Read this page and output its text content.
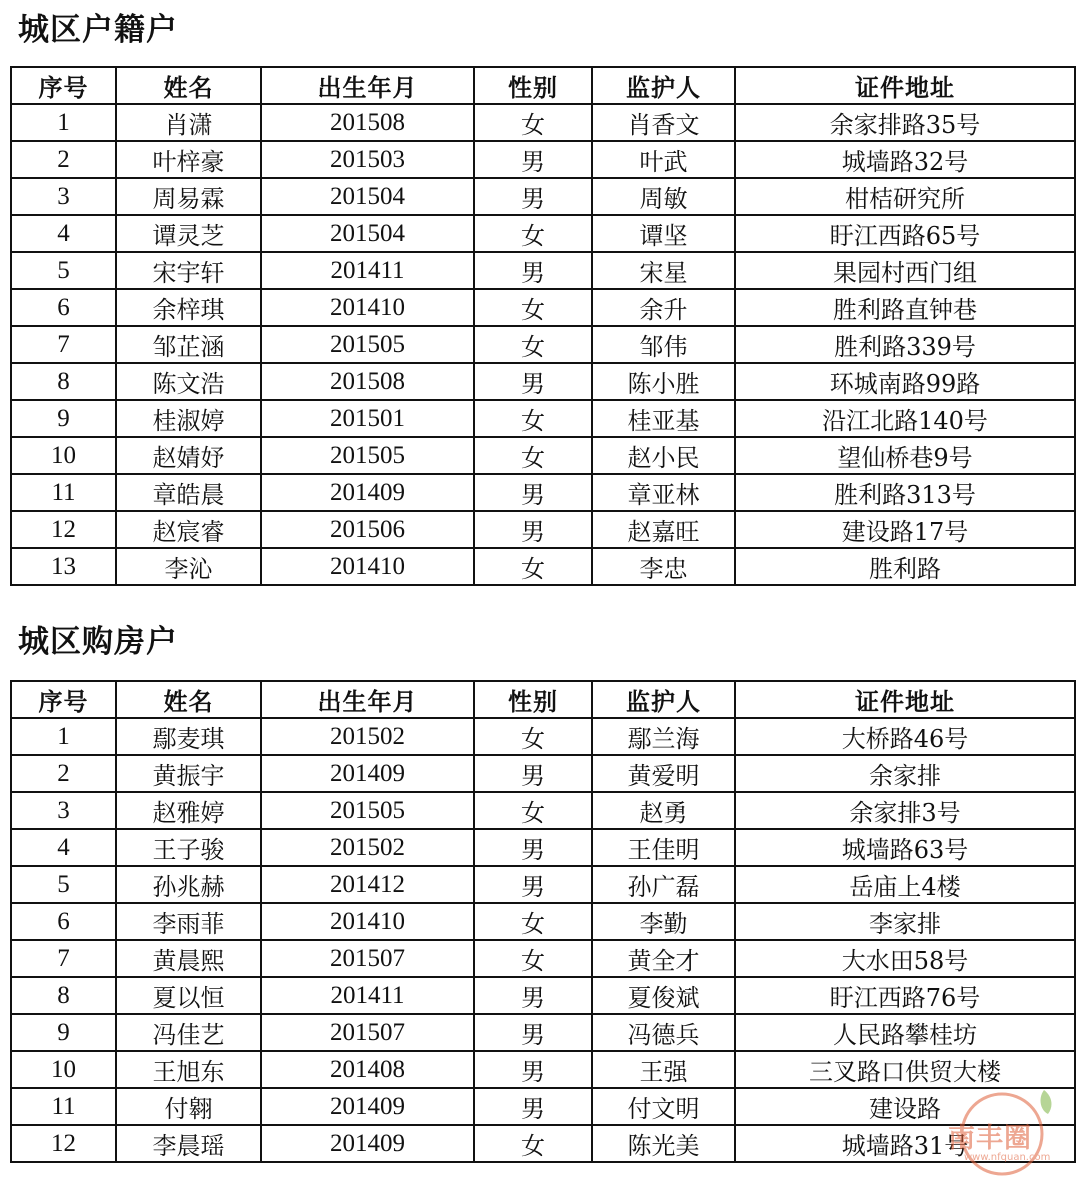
城区户籍户
序号	姓名	出生年月	性别	监护人	证件地址
1	肖潇	201508	女	肖香文	余家排路35号
2	叶梓豪	201503	男	叶武	城墙路32号
3	周易霖	201504	男	周敏	柑桔研究所
4	谭灵芝	201504	女	谭坚	盱江西路65号
5	宋宇轩	201411	男	宋星	果园村西门组
6	余梓琪	201410	女	余升	胜利路直钟巷
7	邹芷涵	201505	女	邹伟	胜利路339号
8	陈文浩	201508	男	陈小胜	环城南路99路
9	桂淑婷	201501	女	桂亚基	沿江北路140号
10	赵婧妤	201505	女	赵小民	望仙桥巷9号
11	章皓晨	201409	男	章亚林	胜利路313号
12	赵宸睿	201506	男	赵嘉旺	建设路17号
13	李沁	201410	女	李忠	胜利路
城区购房户
序号	姓名	出生年月	性别	监护人	证件地址
1	鄢麦琪	201502	女	鄢兰海	大桥路46号
2	黄振宇	201409	男	黄爱明	余家排
3	赵雅婷	201505	女	赵勇	余家排3号
4	王子骏	201502	男	王佳明	城墙路63号
5	孙兆赫	201412	男	孙广磊	岳庙上4楼
6	李雨菲	201410	女	李勤	李家排
7	黄晨熙	201507	女	黄全才	大水田58号
8	夏以恒	201411	男	夏俊斌	盱江西路76号
9	冯佳艺	201507	男	冯德兵	人民路攀桂坊
10	王旭东	201408	男	王强	三叉路口供贸大楼
11	付翱	201409	男	付文明	建设路
12	李晨瑶	201409	女	陈光美	城墙路31号
南丰圈
www.nfquan.com
